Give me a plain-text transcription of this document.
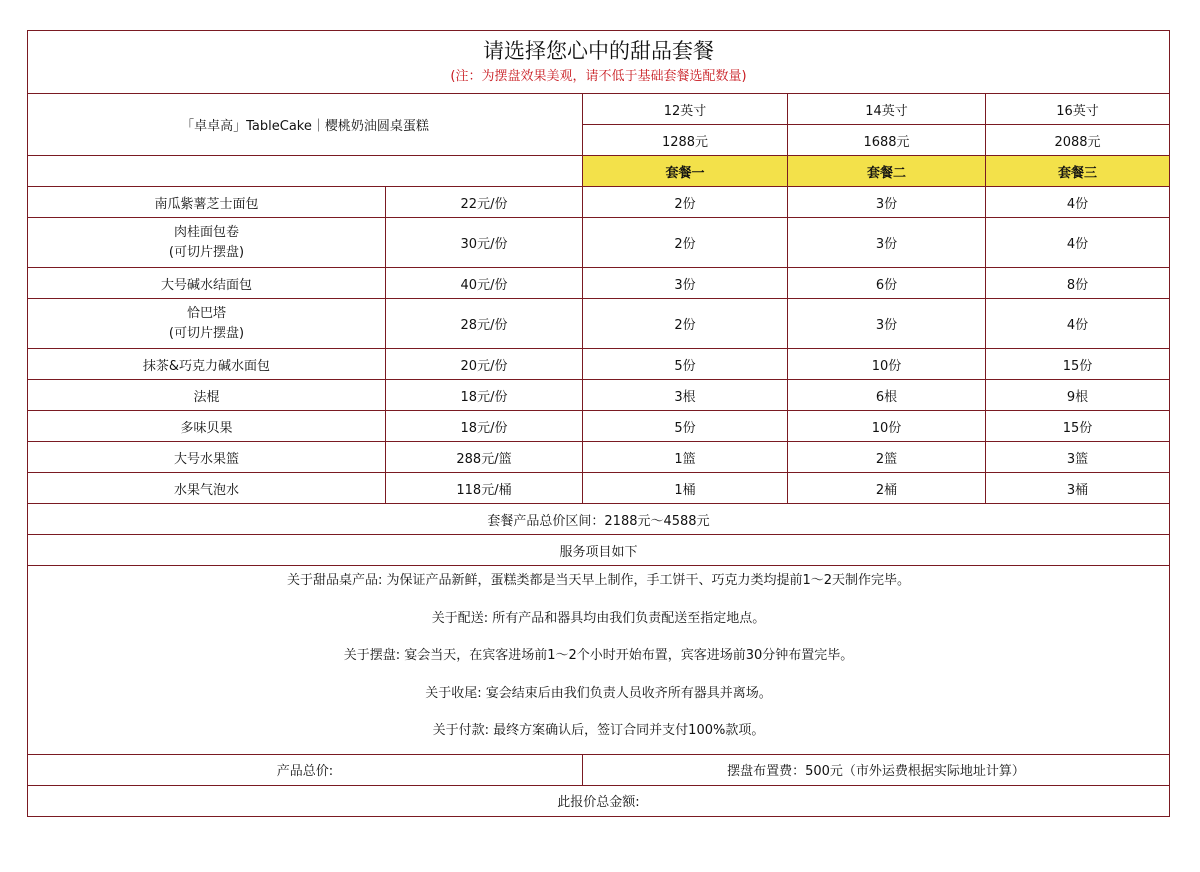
请选择您心中的甜品套餐
(注：为摆盘效果美观，请不低于基础套餐选配数量)				

「卓卓高」TableCake｜樱桃奶油圆桌蛋糕		12英寸	14英寸	16英寸
		1288元	1688元	2088元
		套餐一	套餐二	套餐三
南瓜紫薯芝士面包	22元/份	2份	3份	4份

肉桂面包卷
(可切片摆盘)	30元/份	2份	3份	4份
大号碱水结面包	40元/份	3份	6份	8份

恰巴塔
(可切片摆盘)	28元/份	2份	3份	4份
抹茶&巧克力碱水面包	20元/份	5份	10份	15份
法棍	18元/份	3根	6根	9根
多味贝果	18元/份	5份	10份	15份
大号水果篮	288元/篮	1篮	2篮	3篮
水果气泡水	118元/桶	1桶	2桶	3桶
套餐产品总价区间：2188元～4588元				
服务项目如下				

关于甜品桌产品: 为保证产品新鲜，蛋糕类都是当天早上制作，手工饼干、巧克力类均提前1～2天制作完毕。
关于配送: 所有产品和器具均由我们负责配送至指定地点。
关于摆盘: 宴会当天，在宾客进场前1～2个小时开始布置，宾客进场前30分钟布置完毕。
关于收尾: 宴会结束后由我们负责人员收齐所有器具并离场。
关于付款: 最终方案确认后，签订合同并支付100%款项。				

产品总价:		摆盘布置费：500元（市外运费根据实际地址计算）		
此报价总金额:				
